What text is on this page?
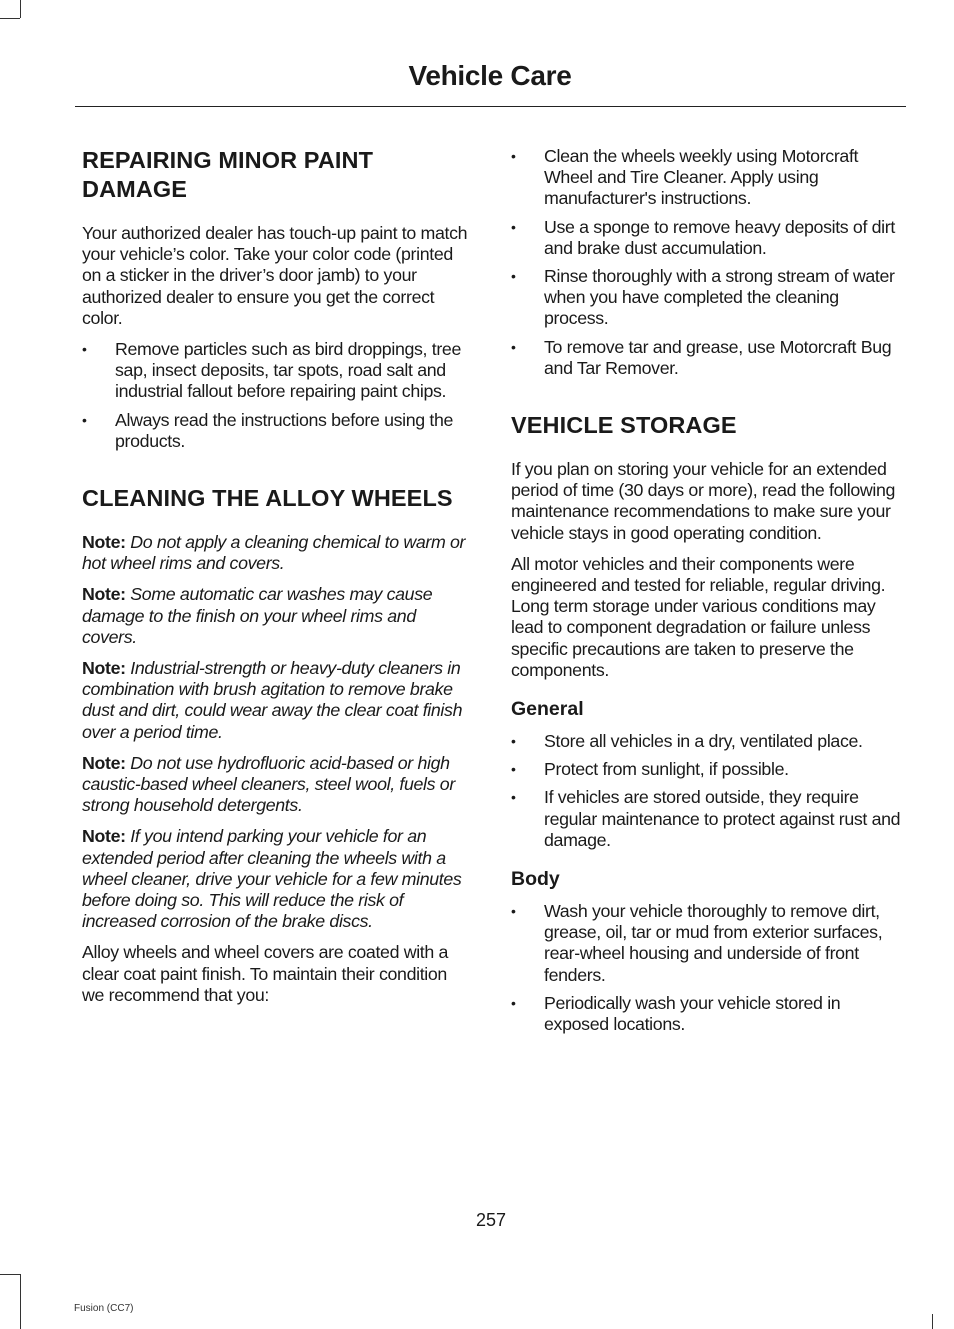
Vehicle Care
REPAIRING MINOR PAINT DAMAGE

Your authorized dealer has touch-up paint to match your vehicle’s color. Take your color code (printed on a sticker in the driver’s door jamb) to your authorized dealer to ensure you get the correct color.

• Remove particles such as bird droppings, tree sap, insect deposits, tar spots, road salt and industrial fallout before repairing paint chips.
• Always read the instructions before using the products.
CLEANING THE ALLOY WHEELS

Note: Do not apply a cleaning chemical to warm or hot wheel rims and covers.

Note: Some automatic car washes may cause damage to the finish on your wheel rims and covers.

Note: Industrial-strength or heavy-duty cleaners in combination with brush agitation to remove brake dust and dirt, could wear away the clear coat finish over a period time.

Note: Do not use hydrofluoric acid-based or high caustic-based wheel cleaners, steel wool, fuels or strong household detergents.

Note: If you intend parking your vehicle for an extended period after cleaning the wheels with a wheel cleaner, drive your vehicle for a few minutes before doing so. This will reduce the risk of increased corrosion of the brake discs.

Alloy wheels and wheel covers are coated with a clear coat paint finish. To maintain their condition we recommend that you:

• Clean the wheels weekly using Motorcraft Wheel and Tire Cleaner. Apply using manufacturer's instructions.
• Use a sponge to remove heavy deposits of dirt and brake dust accumulation.
• Rinse thoroughly with a strong stream of water when you have completed the cleaning process.
• To remove tar and grease, use Motorcraft Bug and Tar Remover.
VEHICLE STORAGE

If you plan on storing your vehicle for an extended period of time (30 days or more), read the following maintenance recommendations to make sure your vehicle stays in good operating condition.

All motor vehicles and their components were engineered and tested for reliable, regular driving. Long term storage under various conditions may lead to component degradation or failure unless specific precautions are taken to preserve the components.

General
• Store all vehicles in a dry, ventilated place.
• Protect from sunlight, if possible.
• If vehicles are stored outside, they require regular maintenance to protect against rust and damage.
Body
• Wash your vehicle thoroughly to remove dirt, grease, oil, tar or mud from exterior surfaces, rear-wheel housing and underside of front fenders.
• Periodically wash your vehicle stored in exposed locations.
257
Fusion (CC7)
